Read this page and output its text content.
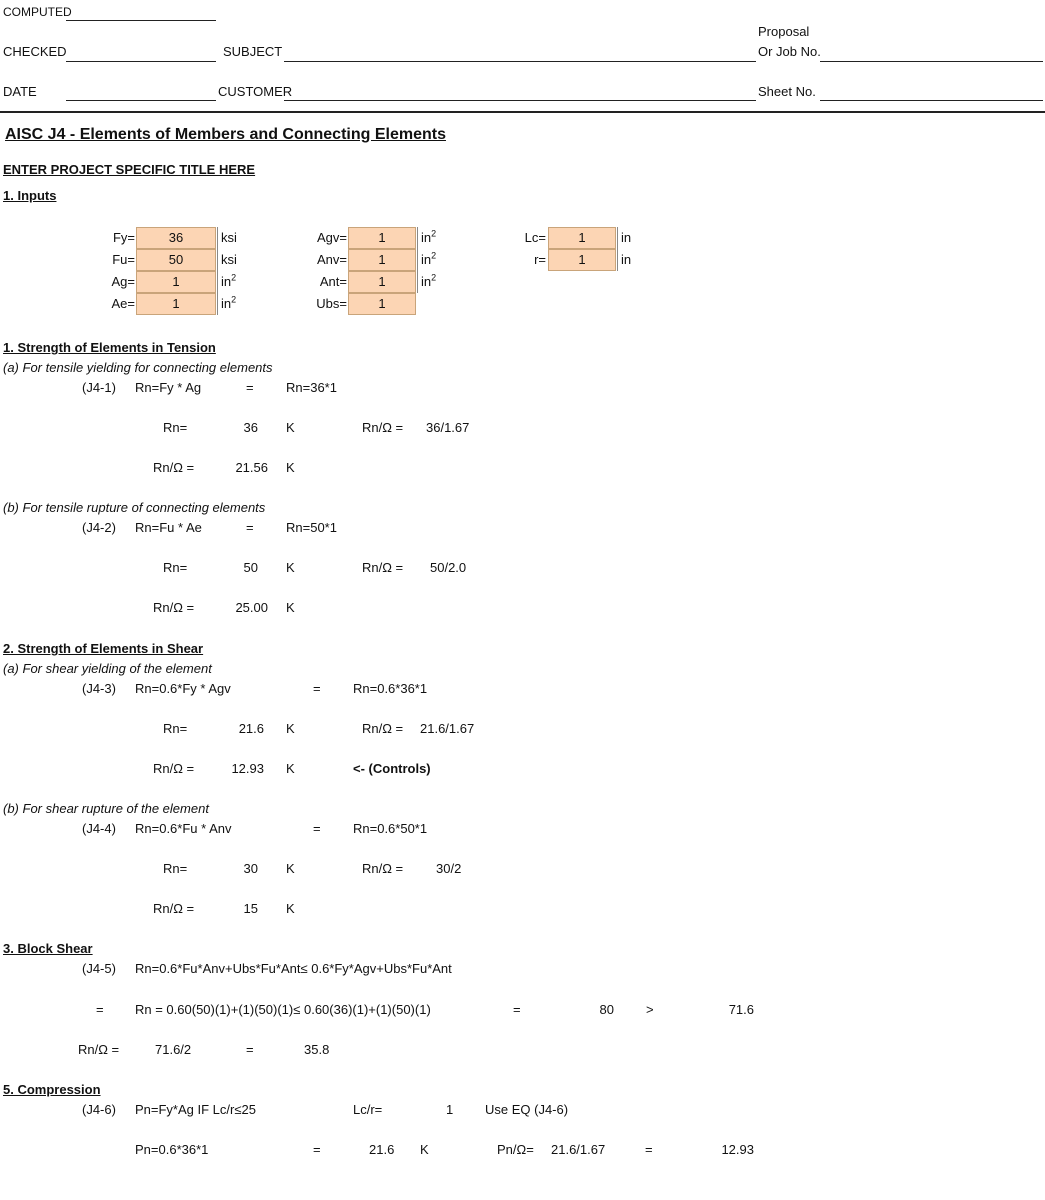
COMPUTED
Proposal
CHECKED	SUBJECT	Or Job No.
DATE	CUSTOMER	Sheet No.
AISC J4 - Elements of Members and Connecting Elements
ENTER PROJECT SPECIFIC TITLE HERE
1. Inputs
Fy=	36	ksi
Fu=	50	ksi
Ag=	1	$in^2$
Ae=	1	$in^2$
Agv=	1	$in^2$
Anv=	1	$in^2$
Ant=	1	$in^2$
Ubs=	1
Lc=	1	in
r=	1	in
1. Strength of Elements in Tension
(a) For tensile yielding for connecting elements
(J4-1) Rn=Fy * Ag	= Rn=36*1
Rn=	36 K	Rn/Ω = 36/1.67
Rn/Ω =	21.56 K
(b) For tensile rupture of connecting elements
(J4-2) Rn=Fu * Ae	= Rn=50*1
Rn=	50 K	Rn/Ω = 50/2.0
Rn/Ω =	25.00 K
2. Strength of Elements in Shear
(a) For shear yielding of the element
(J4-3) Rn=0.6*Fy * Agv	= Rn=0.6*36*1
Rn=	21.6 K	Rn/Ω = 21.6/1.67
Rn/Ω =	12.93 K	<- (Controls)
(b) For shear rupture of the element
(J4-4) Rn=0.6*Fu * Anv	= Rn=0.6*50*1
Rn=	30 K	Rn/Ω =	30/2
Rn/Ω =	15 K
3. Block Shear
(J4-5) Rn=0.6*Fu*Anv+Ubs*Fu*Ant≤ 0.6*Fy*Agv+Ubs*Fu*Ant
= Rn = 0.60(50)(1)+(1)(50)(1)≤ 0.60(36)(1)+(1)(50)(1)	=	80 >	71.6
Rn/Ω =	71.6/2	=	35.8
5. Compression
(J4-6) Pn=Fy*Ag IF Lc/r≤25	Lc/r=	1 Use EQ (J4-6)
Pn=0.6*36*1	=	21.6 K	Pn/Ω= 21.6/1.67	=	12.93
